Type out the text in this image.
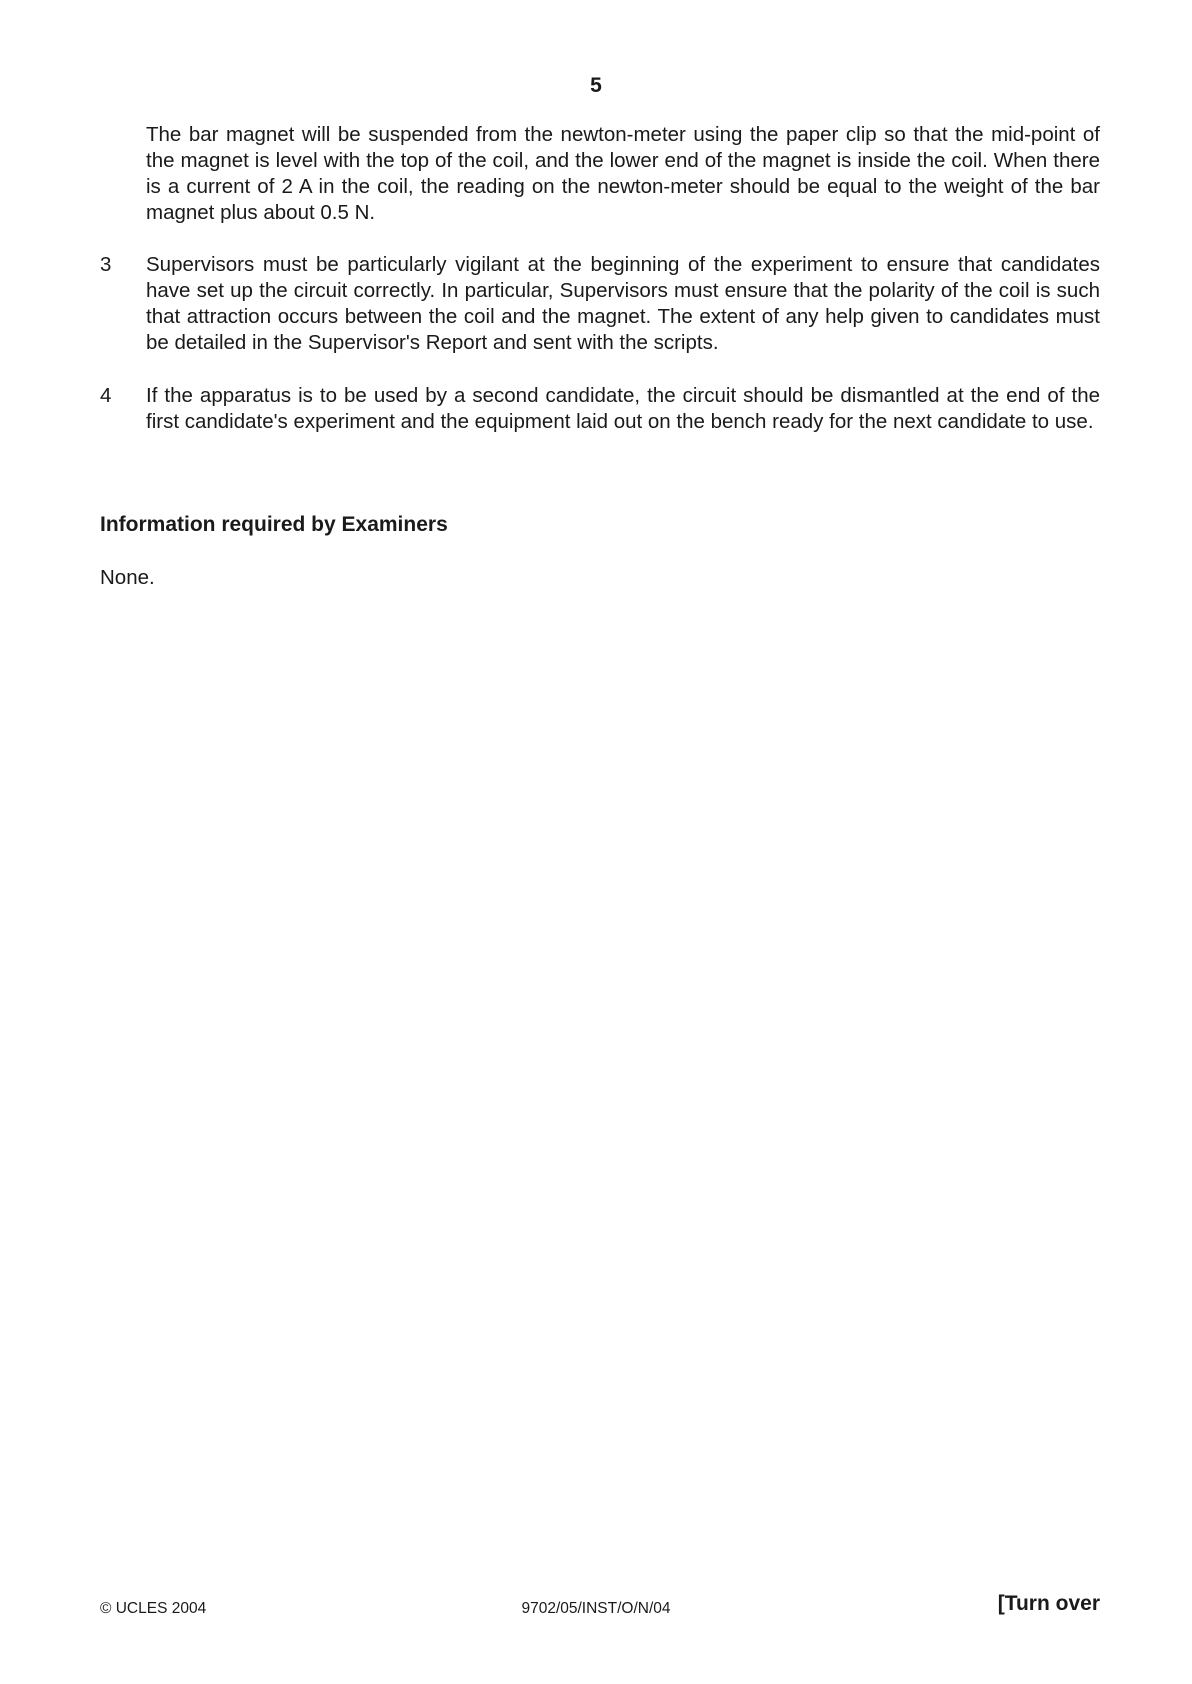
5
The bar magnet will be suspended from the newton-meter using the paper clip so that the mid-point of the magnet is level with the top of the coil, and the lower end of the magnet is inside the coil. When there is a current of 2 A in the coil, the reading on the newton-meter should be equal to the weight of the bar magnet plus about 0.5 N.
3 Supervisors must be particularly vigilant at the beginning of the experiment to ensure that candidates have set up the circuit correctly. In particular, Supervisors must ensure that the polarity of the coil is such that attraction occurs between the coil and the magnet. The extent of any help given to candidates must be detailed in the Supervisor's Report and sent with the scripts.
4 If the apparatus is to be used by a second candidate, the circuit should be dismantled at the end of the first candidate's experiment and the equipment laid out on the bench ready for the next candidate to use.
Information required by Examiners
None.
© UCLES 2004	9702/05/INST/O/N/04	[Turn over
